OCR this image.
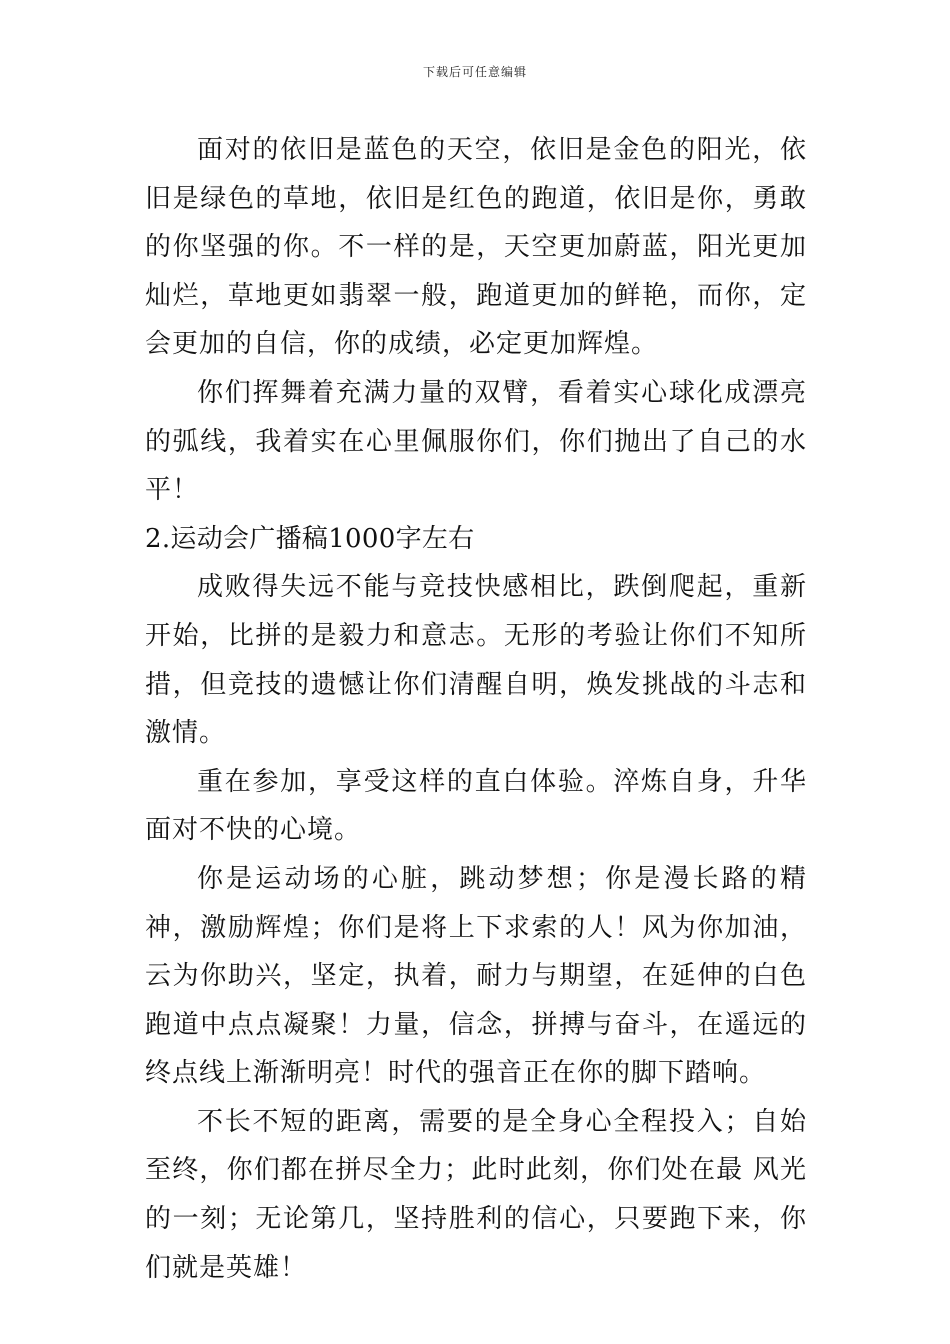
下载后可任意编辑

面对的依旧是蓝色的天空，依旧是金色的阳光，依旧是绿色的草地，依旧是红色的跑道，依旧是你，勇敢的你坚强的你。不一样的是，天空更加蔚蓝，阳光更加灿烂，草地更如翡翠一般，跑道更加的鲜艳，而你，定会更加的自信，你的成绩，必定更加辉煌。

你们挥舞着充满力量的双臂，看着实心球化成漂亮的弧线，我着实在心里佩服你们，你们抛出了自己的水平！

2.运动会广播稿1000字左右

成败得失远不能与竞技快感相比，跌倒爬起，重新开始，比拼的是毅力和意志。无形的考验让你们不知所措，但竞技的遗憾让你们清醒自明，焕发挑战的斗志和激情。

重在参加，享受这样的直白体验。淬炼自身，升华面对不快的心境。

你是运动场的心脏，跳动梦想；你是漫长路的精神，激励辉煌；你们是将上下求索的人！风为你加油，云为你助兴，坚定，执着，耐力与期望，在延伸的白色跑道中点点凝聚！力量，信念，拼搏与奋斗，在遥远的终点线上渐渐明亮！时代的强音正在你的脚下踏响。

不长不短的距离，需要的是全身心全程投入；自始至终，你们都在拼尽全力；此时此刻，你们处在最 风光的一刻；无论第几，坚持胜利的信心，只要跑下来，你们就是英雄！
